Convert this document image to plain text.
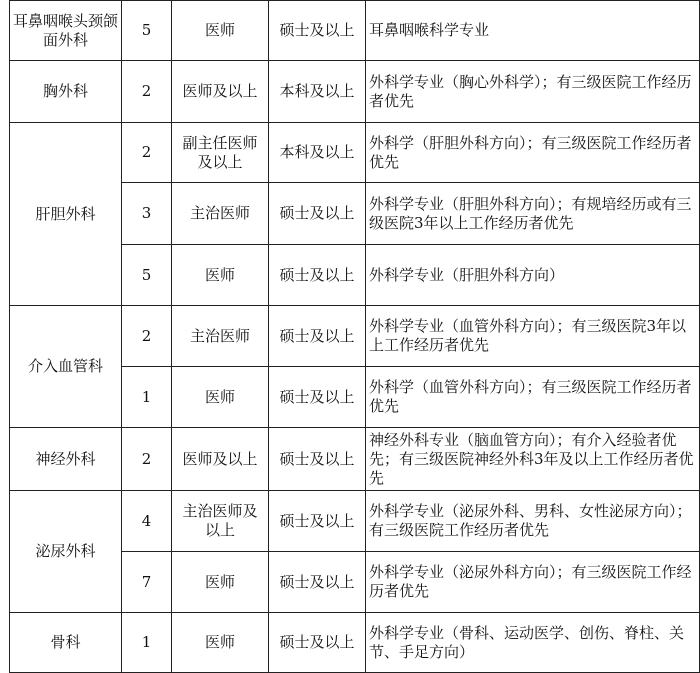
耳鼻咽喉头颈颌面外科	5	医师	硕士及以上	耳鼻咽喉科学专业
胸外科	2	医师及以上	本科及以上	外科学专业（胸心外科学）；有三级医院工作经历者优先
肝胆外科	2	副主任医师及以上	本科及以上	外科学（肝胆外科方向）；有三级医院工作经历者优先
	3	主治医师	硕士及以上	外科学专业（肝胆外科方向）；有规培经历或有三级医院3年以上工作经历者优先
	5	医师	硕士及以上	外科学专业（肝胆外科方向）
介入血管科	2	主治医师	硕士及以上	外科学专业（血管外科方向）；有三级医院3年以上工作经历者优先
	1	医师	硕士及以上	外科学（血管外科方向）；有三级医院工作经历者优先
神经外科	2	医师及以上	硕士及以上	神经外科专业（脑血管方向）；有介入经验者优先；有三级医院神经外科3年及以上工作经历者优先
泌尿外科	4	主治医师及以上	硕士及以上	外科学专业（泌尿外科、男科、女性泌尿方向）；有三级医院工作经历者优先
	7	医师	硕士及以上	外科学专业（泌尿外科方向）；有三级医院工作经历者优先
骨科	1	医师	硕士及以上	外科学专业（骨科、运动医学、创伤、脊柱、关节、手足方向）
